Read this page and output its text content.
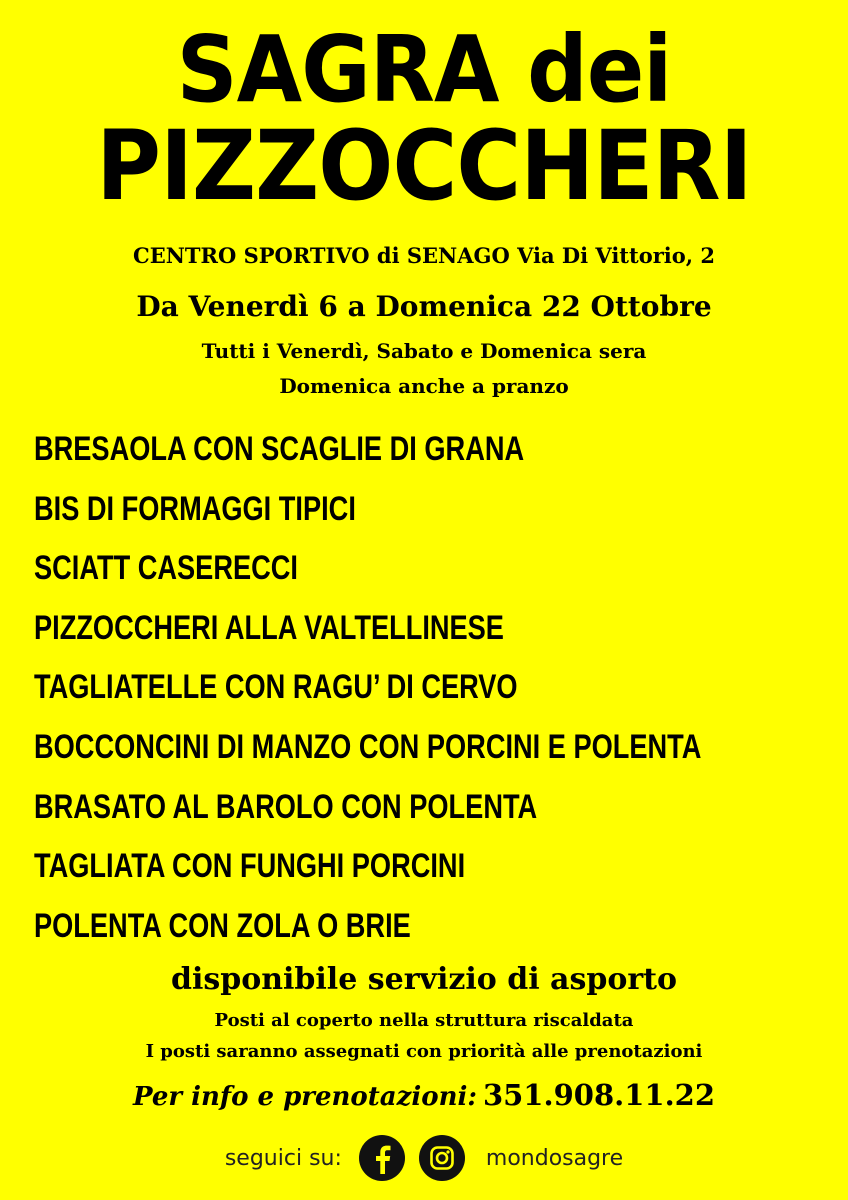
SAGRA dei
PIZZOCCHERI
CENTRO SPORTIVO di SENAGO Via Di Vittorio, 2
Da Venerdì 6 a Domenica 22 Ottobre
Tutti i Venerdì, Sabato e Domenica sera
Domenica anche a pranzo
BRESAOLA CON SCAGLIE DI GRANA
BIS DI FORMAGGI TIPICI
SCIATT CASERECCI
PIZZOCCHERI ALLA VALTELLINESE
TAGLIATELLE CON RAGU’ DI CERVO
BOCCONCINI DI MANZO CON PORCINI E POLENTA
BRASATO AL BAROLO CON POLENTA
TAGLIATA CON FUNGHI PORCINI
POLENTA CON ZOLA O BRIE
disponibile servizio di asporto
Posti al coperto nella struttura riscaldata
I posti saranno assegnati con priorità alle prenotazioni
Per info e prenotazioni: 351.908.11.22
seguici su:	mondosagre
